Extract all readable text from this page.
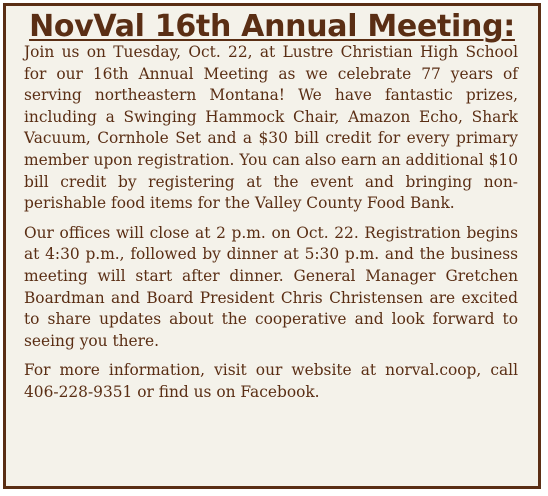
NovVal 16th Annual Meeting:

Join us on Tuesday, Oct. 22, at Lustre Christian High School for our 16th Annual Meeting as we celebrate 77 years of serving northeastern Montana! We have fantastic prizes, including a Swinging Hammock Chair, Amazon Echo, Shark Vacuum, Cornhole Set and a $30 bill credit for every primary member upon registration. You can also earn an additional $10 bill credit by registering at the event and bringing non-perishable food items for the Valley County Food Bank.

Our offices will close at 2 p.m. on Oct. 22. Registration begins at 4:30 p.m., followed by dinner at 5:30 p.m. and the business meeting will start after dinner. General Manager Gretchen Boardman and Board President Chris Christensen are excited to share updates about the cooperative and look forward to seeing you there.

For more information, visit our website at norval.coop, call 406-228-9351 or find us on Facebook.
